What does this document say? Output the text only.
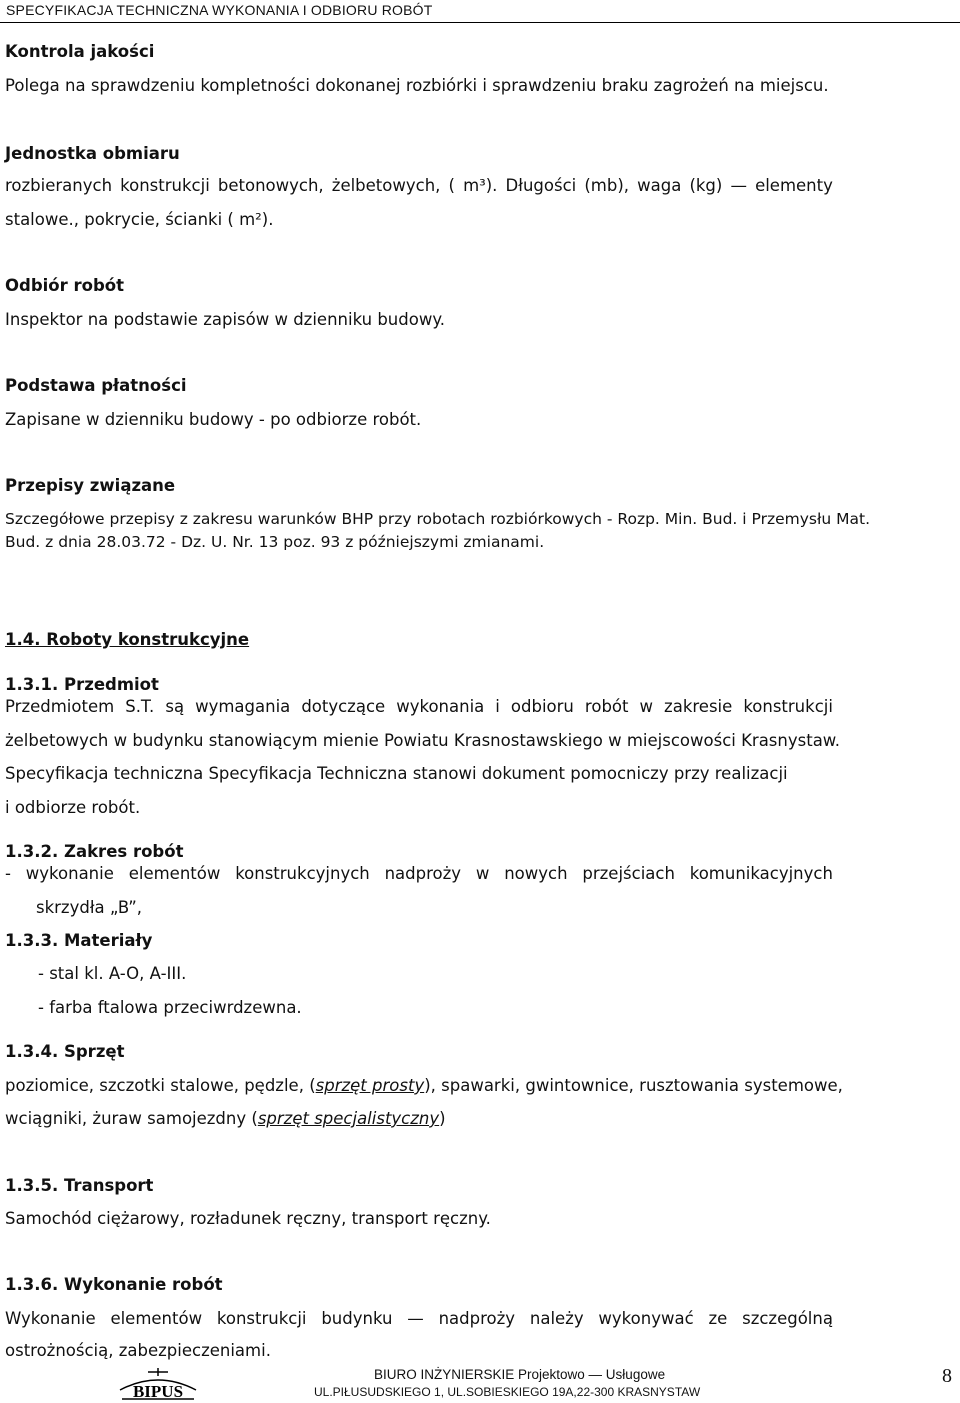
SPECYFIKACJA TECHNICZNA WYKONANIA I ODBIORU ROBÓT
Kontrola jakości
Polega na sprawdzeniu kompletności dokonanej rozbiórki i sprawdzeniu braku zagrożeń na miejscu.
Jednostka obmiaru
rozbieranych konstrukcji betonowych, żelbetowych, ( m³). Długości (mb), waga (kg) — elementy
stalowe., pokrycie, ścianki ( m²).
Odbiór robót
Inspektor na podstawie zapisów w dzienniku budowy.
Podstawa płatności
Zapisane w dzienniku budowy - po odbiorze robót.
Przepisy związane
Szczegółowe przepisy z zakresu warunków BHP przy robotach rozbiórkowych - Rozp. Min. Bud. i Przemysłu Mat.
Bud. z dnia 28.03.72 - Dz. U. Nr. 13 poz. 93 z późniejszymi zmianami.
1.4. Roboty konstrukcyjne
1.3.1. Przedmiot
Przedmiotem S.T. są wymagania dotyczące wykonania i odbioru robót w zakresie konstrukcji
żelbetowych w budynku stanowiącym mienie Powiatu Krasnostawskiego w miejscowości Krasnystaw.
Specyfikacja techniczna Specyfikacja Techniczna stanowi dokument pomocniczy przy realizacji
i odbiorze robót.
1.3.2. Zakres robót
- wykonanie elementów konstrukcyjnych nadproży w nowych przejściach komunikacyjnych
skrzydła „B”,
1.3.3. Materiały
- stal kl. A-O, A-III.
- farba ftalowa przeciwrdzewna.
1.3.4. Sprzęt
poziomice, szczotki stalowe, pędzle, (sprzęt prosty), spawarki, gwintownice, rusztowania systemowe,
wciągniki, żuraw samojezdny (sprzęt specjalistyczny)
1.3.5. Transport
Samochód ciężarowy, rozładunek ręczny, transport ręczny.
1.3.6. Wykonanie robót
Wykonanie elementów konstrukcji budynku — nadproży należy wykonywać ze szczególną
ostrożnością, zabezpieczeniami.
BIPUS
BIURO INŻYNIERSKIE Projektowo — Usługowe
UL.PIŁUSUDSKIEGO 1, UL.SOBIESKIEGO 19A,22-300 KRASNYSTAW
8
